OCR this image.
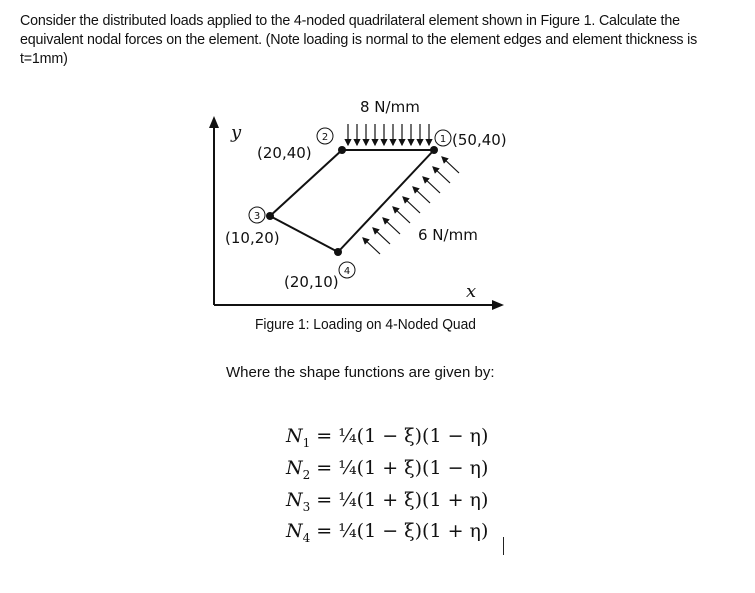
Consider the distributed loads applied to the 4-noded quadrilateral element shown in Figure 1. Calculate the equivalent nodal forces on the element. (Note loading is normal to the element edges and element thickness is t=1mm)
y
x
8 N/mm
6 N/mm
1 (50,40)
2
(20,40)
3
(10,20)
4
(20,10)
Figure 1: Loading on 4-Noded Quad
Where the shape functions are given by:
$N_1$ = ¼(1 − ξ)(1 − η)
$N_2$ = ¼(1 + ξ)(1 − η)
$N_3$ = ¼(1 + ξ)(1 + η)
$N_4$ = ¼(1 − ξ)(1 + η)
